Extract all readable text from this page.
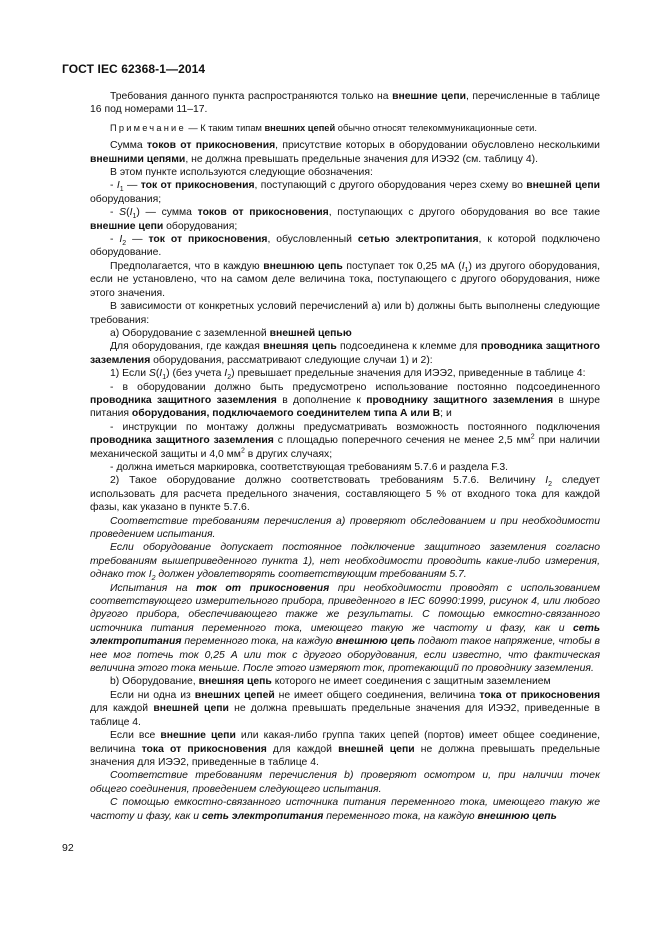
ГОСТ IEC 62368-1—2014

Требования данного пункта распространяются только на внешние цепи, перечисленные в таблице 16 под номерами 11–17.

Примечание — К таким типам внешних цепей обычно относят телекоммуникационные сети.

Сумма токов от прикосновения, присутствие которых в оборудовании обусловлено несколькими внешними цепями, не должна превышать предельные значения для ИЭЭ2 (см. таблицу 4).

В этом пункте используются следующие обозначения:

- $I_1$ — ток от прикосновения, поступающий с другого оборудования через схему во внешней цепи оборудования;

- $S(I_1)$ — сумма токов от прикосновения, поступающих с другого оборудования во все такие внешние цепи оборудования;

- $I_2$ — ток от прикосновения, обусловленный сетью электропитания, к которой подключено оборудование.

Предполагается, что в каждую внешнюю цепь поступает ток 0,25 мА $(I_1)$ из другого оборудования, если не установлено, что на самом деле величина тока, поступающего с другого оборудования, ниже этого значения.

В зависимости от конкретных условий перечислений а) или b) должны быть выполнены следующие требования:

а) Оборудование с заземленной внешней цепью

Для оборудования, где каждая внешняя цепь подсоединена к клемме для проводника защитного заземления оборудования, рассматривают следующие случаи 1) и 2):

1) Если $S(I_1)$ (без учета $I_2$) превышает предельные значения для ИЭЭ2, приведенные в таблице 4:

- в оборудовании должно быть предусмотрено использование постоянно подсоединенного проводника защитного заземления в дополнение к проводнику защитного заземления в шнуре питания оборудования, подключаемого соединителем типа А или В; и

- инструкции по монтажу должны предусматривать возможность постоянного подключения проводника защитного заземления с площадью поперечного сечения не менее 2,5 $мм^2$ при наличии механической защиты и 4,0 $мм^2$ в других случаях;

- должна иметься маркировка, соответствующая требованиям 5.7.6 и раздела F.3.

2) Такое оборудование должно соответствовать требованиям 5.7.6. Величину $I_2$ следует использовать для расчета предельного значения, составляющего 5 % от входного тока для каждой фазы, как указано в пункте 5.7.6.

Соответствие требованиям перечисления а) проверяют обследованием и при необходимости проведением испытания.

Если оборудование допускает постоянное подключение защитного заземления согласно требованиям вышеприведенного пункта 1), нет необходимости проводить какие-либо измерения, однако ток $I_2$ должен удовлетворять соответствующим требованиям 5.7.

Испытания на ток от прикосновения при необходимости проводят с использованием соответствующего измерительного прибора, приведенного в IEC 60990:1999, рисунок 4, или любого другого прибора, обеспечивающего также же результаты. С помощью емкостно-связанного источника питания переменного тока, имеющего такую же частоту и фазу, как и сеть электропитания переменного тока, на каждую внешнюю цепь подают такое напряжение, чтобы в нее мог потечь ток 0,25 А или ток с другого оборудования, если известно, что фактическая величина этого тока меньше. После этого измеряют ток, протекающий по проводнику заземления.

b) Оборудование, внешняя цепь которого не имеет соединения с защитным заземлением

Если ни одна из внешних цепей не имеет общего соединения, величина тока от прикосновения для каждой внешней цепи не должна превышать предельные значения для ИЭЭ2, приведенные в таблице 4.

Если все внешние цепи или какая-либо группа таких цепей (портов) имеет общее соединение, величина тока от прикосновения для каждой внешней цепи не должна превышать предельные значения для ИЭЭ2, приведенные в таблице 4.

Соответствие требованиям перечисления b) проверяют осмотром и, при наличии точек общего соединения, проведением следующего испытания.

С помощью емкостно-связанного источника питания переменного тока, имеющего такую же частоту и фазу, как и сеть электропитания переменного тока, на каждую внешнюю цепь

92
